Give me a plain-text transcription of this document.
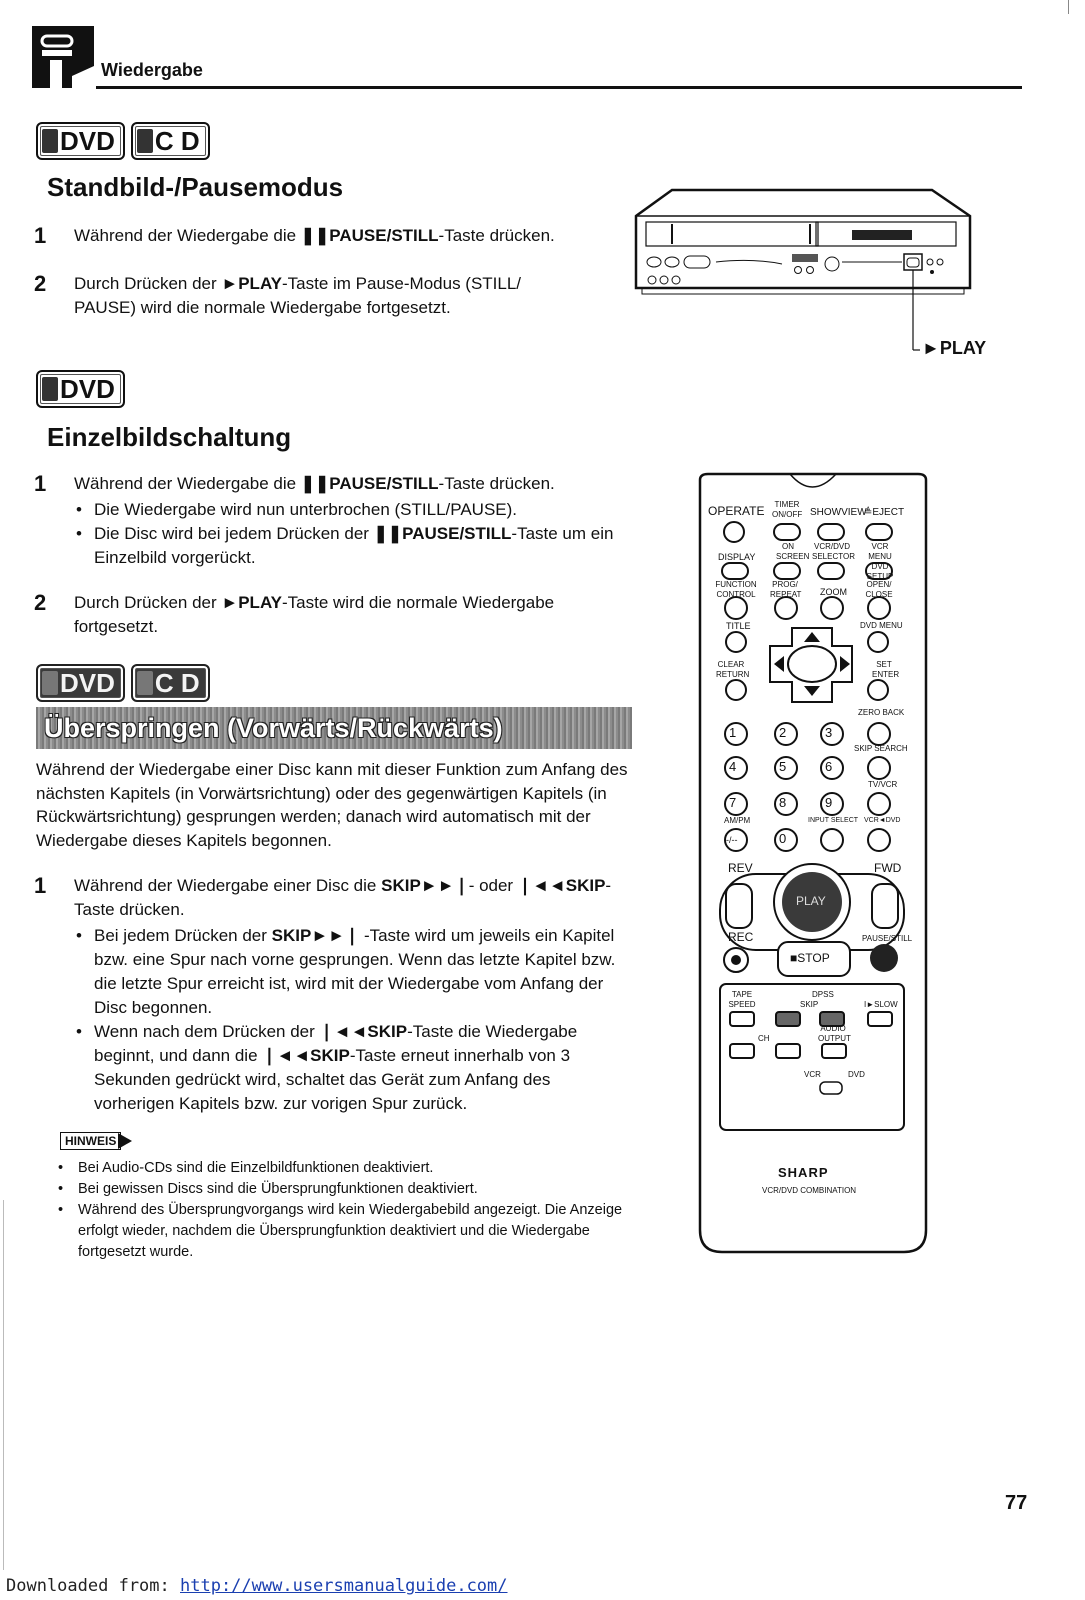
Wiedergabe
DVD C D
Standbild-/Pausemodus
1	Während der Wiedergabe die ❚❚PAUSE/STILL-Taste drücken.
2	Durch Drücken der ►PLAY-Taste im Pause-Modus (STILL/ PAUSE) wird die normale Wiedergabe fortgesetzt.
►PLAY
DVD
Einzelbildschaltung
1	Während der Wiedergabe die ❚❚PAUSE/STILL-Taste drücken.
• Die Wiedergabe wird nun unterbrochen (STILL/PAUSE).
• Die Disc wird bei jedem Drücken der ❚❚PAUSE/STILL-Taste um ein Einzelbild vorgerückt.
2	Durch Drücken der ►PLAY-Taste wird die normale Wiedergabe fortgesetzt.
DVD C D
Überspringen (Vorwärts/Rückwärts)
Während der Wiedergabe einer Disc kann mit dieser Funktion zum Anfang des nächsten Kapitels (in Vorwärtsrichtung) oder des gegenwärtigen Kapitels (in Rückwärtsrichtung) gesprungen werden; danach wird automatisch mit der Wiedergabe dieses Kapitels begonnen.
1	Während der Wiedergabe einer Disc die SKIP►►❘- oder ❘◄◄SKIP-Taste drücken.
• Bei jedem Drücken der SKIP►►❘ -Taste wird um jeweils ein Kapitel bzw. eine Spur nach vorne gesprungen. Wenn das letzte Kapitel bzw. die letzte Spur erreicht ist, wird mit der Wiedergabe vom Anfang der Disc begonnen.
• Wenn nach dem Drücken der ❘◄◄SKIP-Taste die Wiedergabe beginnt, und dann die ❘◄◄SKIP-Taste erneut innerhalb von 3 Sekunden gedrückt wird, schaltet das Gerät zum Anfang des vorherigen Kapitels bzw. zur vorigen Spur zurück.
HINWEIS
• Bei Audio-CDs sind die Einzelbildfunktionen deaktiviert.
• Bei gewissen Discs sind die Übersprungfunktionen deaktiviert.
• Während des Übersprungvorgangs wird kein Wiedergabebild angezeigt. Die Anzeige erfolgt wieder, nachdem die Übersprungfunktion deaktiviert und die Wiedergabe fortgesetzt wurde.
OPERATE	TIMER ON/OFF SHOWVIEW
≜EJECT
ON SCREEN
VCR/DVD SELECTOR
VCR MENU DVD SETUP
DISPLAY
FUNCTION CONTROL
PROG/ REPEAT ZOOM
OPEN/ CLOSE
TITLE	DVD MENU
CLEAR RETURN
SET ENTER
ZERO BACK
SKIP SEARCH
TV/VCR
AM/PM	INPUT SELECT VCR◄DVD
1	2	3
4	5	6
7	8	9
-/--	0
REV	FWD
PLAY
REC
■STOP
PAUSE/STILL
TAPE SPEED
DPSS
SKIP	I►SLOW
CH
AUDIO OUTPUT
VCR	DVD
SHARP
VCR/DVD COMBINATION
77
Downloaded from: http://www.usersmanualguide.com/
